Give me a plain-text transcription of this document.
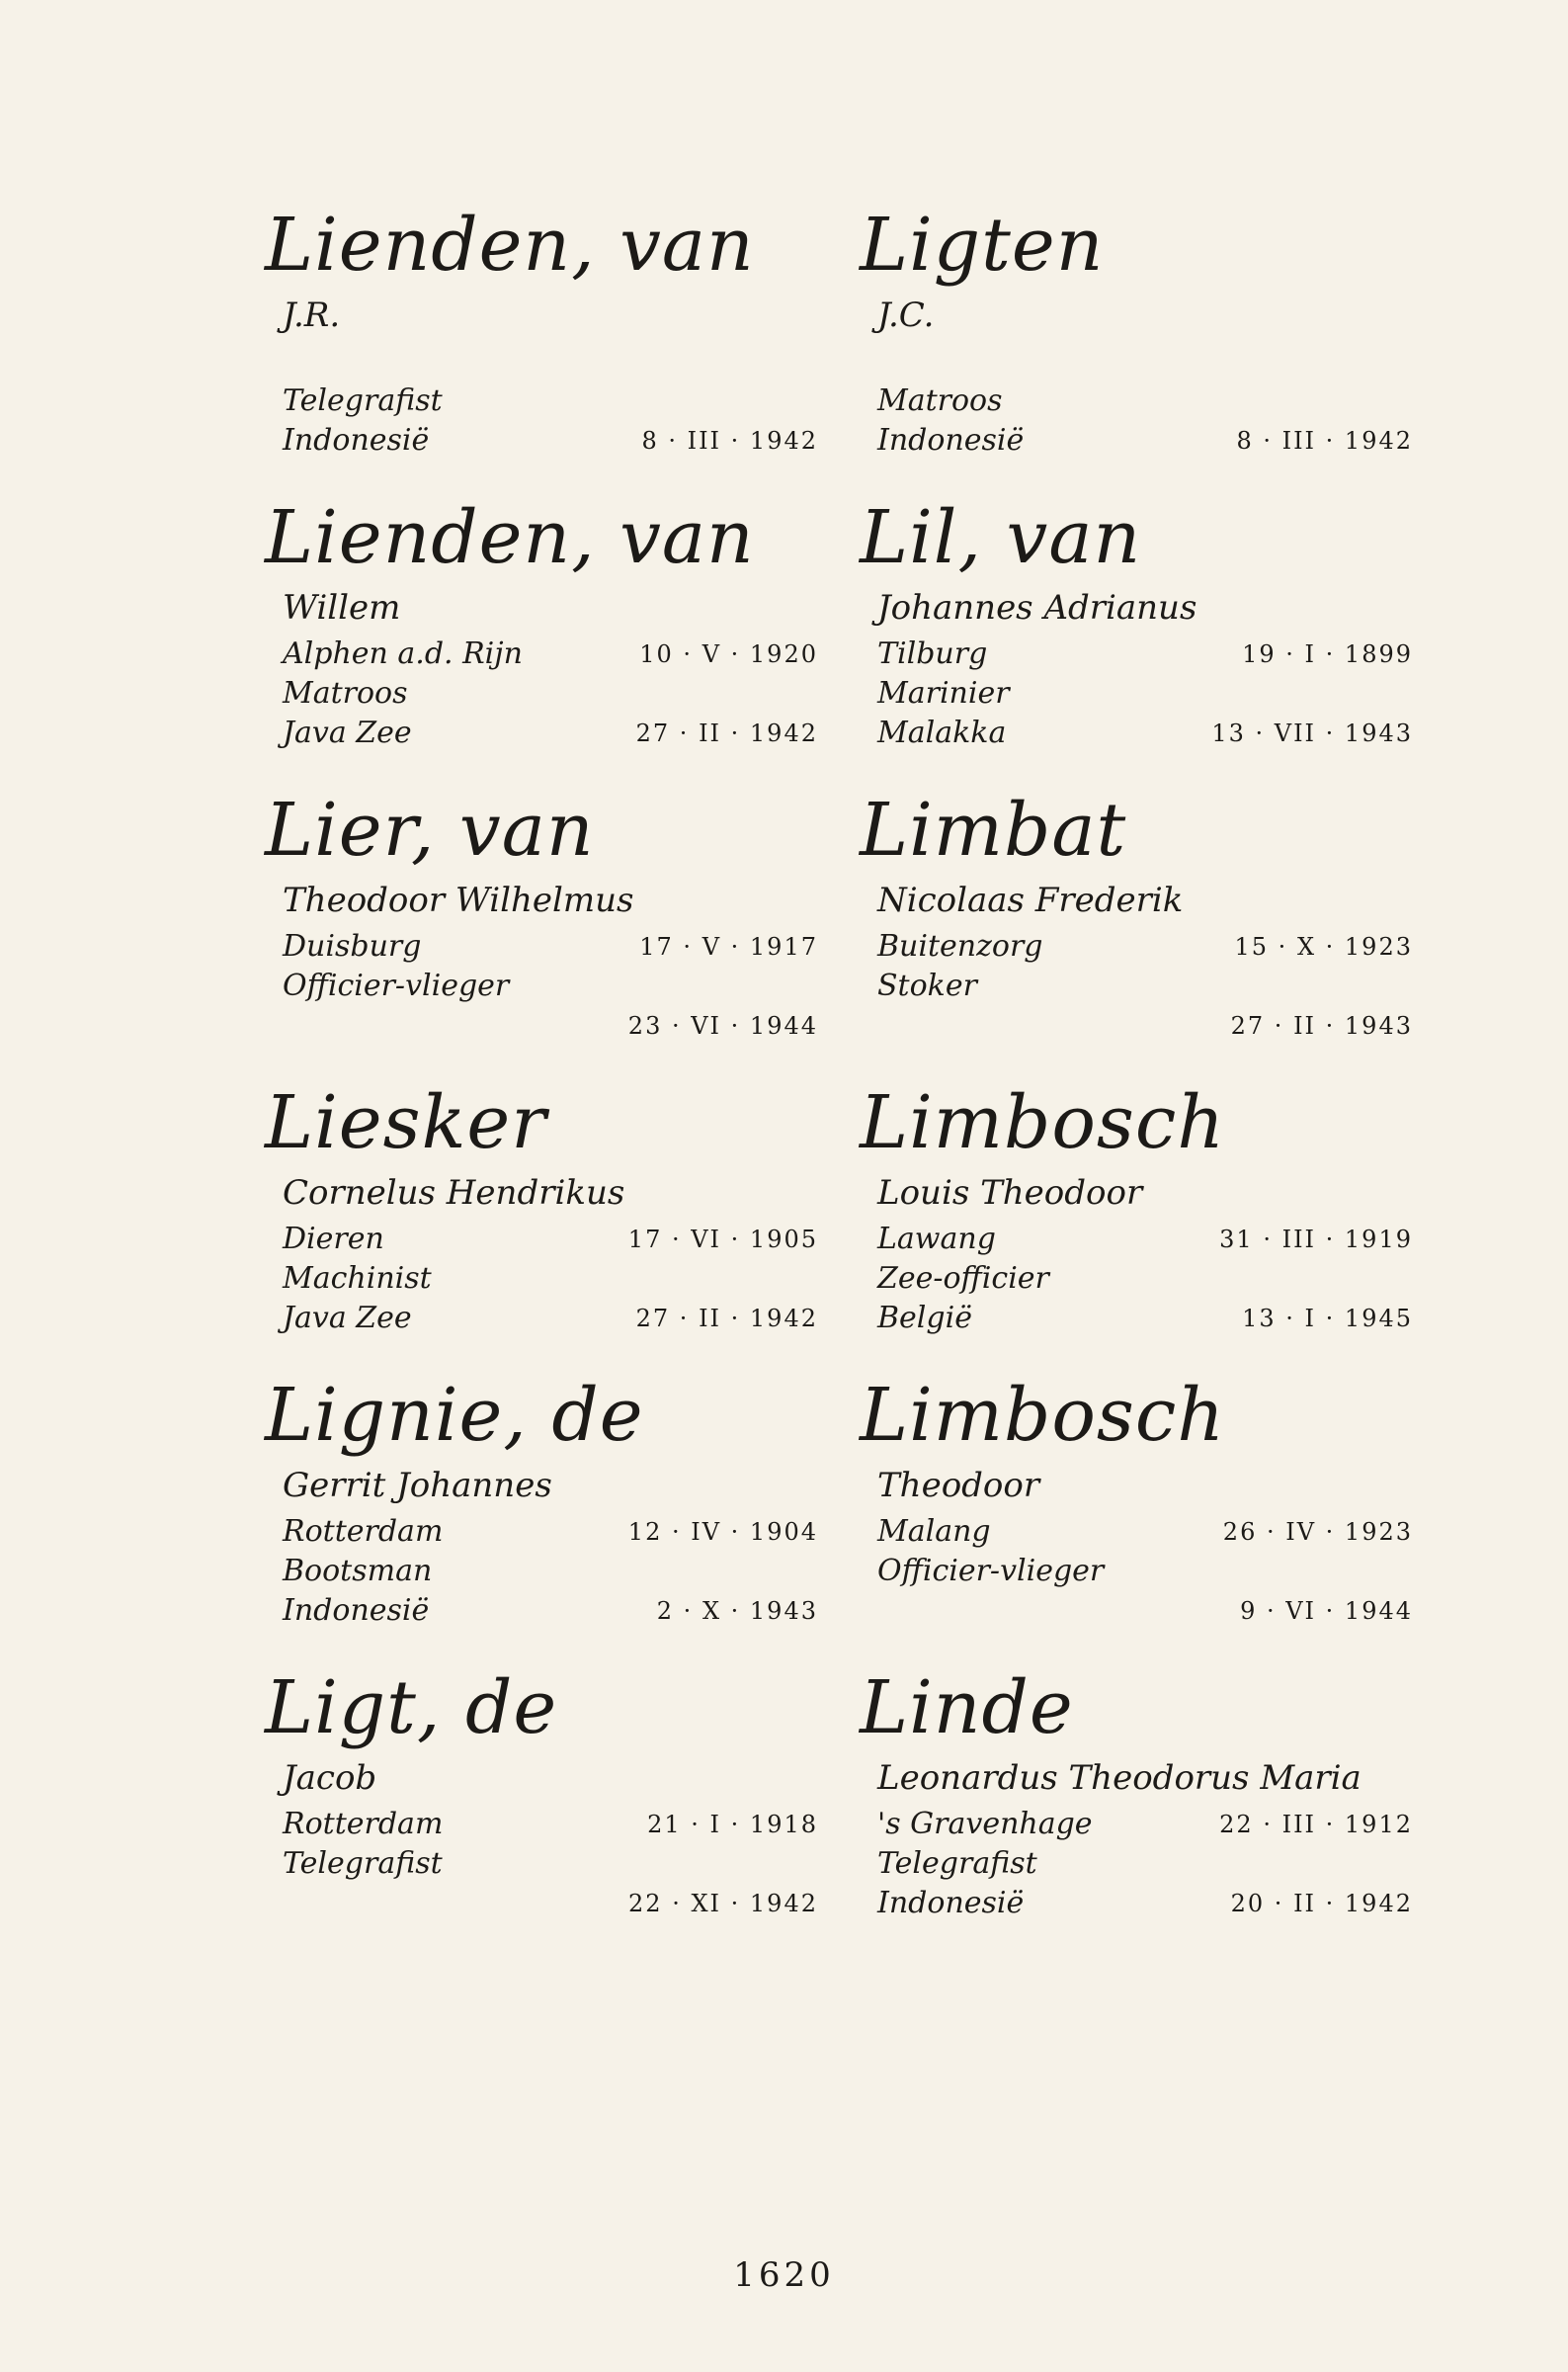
Lienden, van
J.R.
Telegrafist
Indonesië	8 · III · 1942
Lienden, van
Willem
Alphen a.d. Rijn	10 · V · 1920
Matroos
Java Zee	27 · II · 1942
Lier, van
Theodoor Wilhelmus
Duisburg	17 · V · 1917
Officier-vlieger
23 · VI · 1944
Liesker
Cornelus Hendrikus
Dieren	17 · VI · 1905
Machinist
Java Zee	27 · II · 1942
Lignie, de
Gerrit Johannes
Rotterdam	12 · IV · 1904
Bootsman
Indonesië	2 · X · 1943
Ligt, de
Jacob
Rotterdam	21 · I · 1918
Telegrafist
22 · XI · 1942
Ligten
J.C.
Matroos
Indonesië	8 · III · 1942
Lil, van
Johannes Adrianus
Tilburg	19 · I · 1899
Marinier
Malakka	13 · VII · 1943
Limbat
Nicolaas Frederik
Buitenzorg	15 · X · 1923
Stoker
27 · II · 1943
Limbosch
Louis Theodoor
Lawang	31 · III · 1919
Zee-officier
België	13 · I · 1945
Limbosch
Theodoor
Malang	26 · IV · 1923
Officier-vlieger
9 · VI · 1944
Linde
Leonardus Theodorus Maria
's Gravenhage	22 · III · 1912
Telegrafist
Indonesië	20 · II · 1942
1620
